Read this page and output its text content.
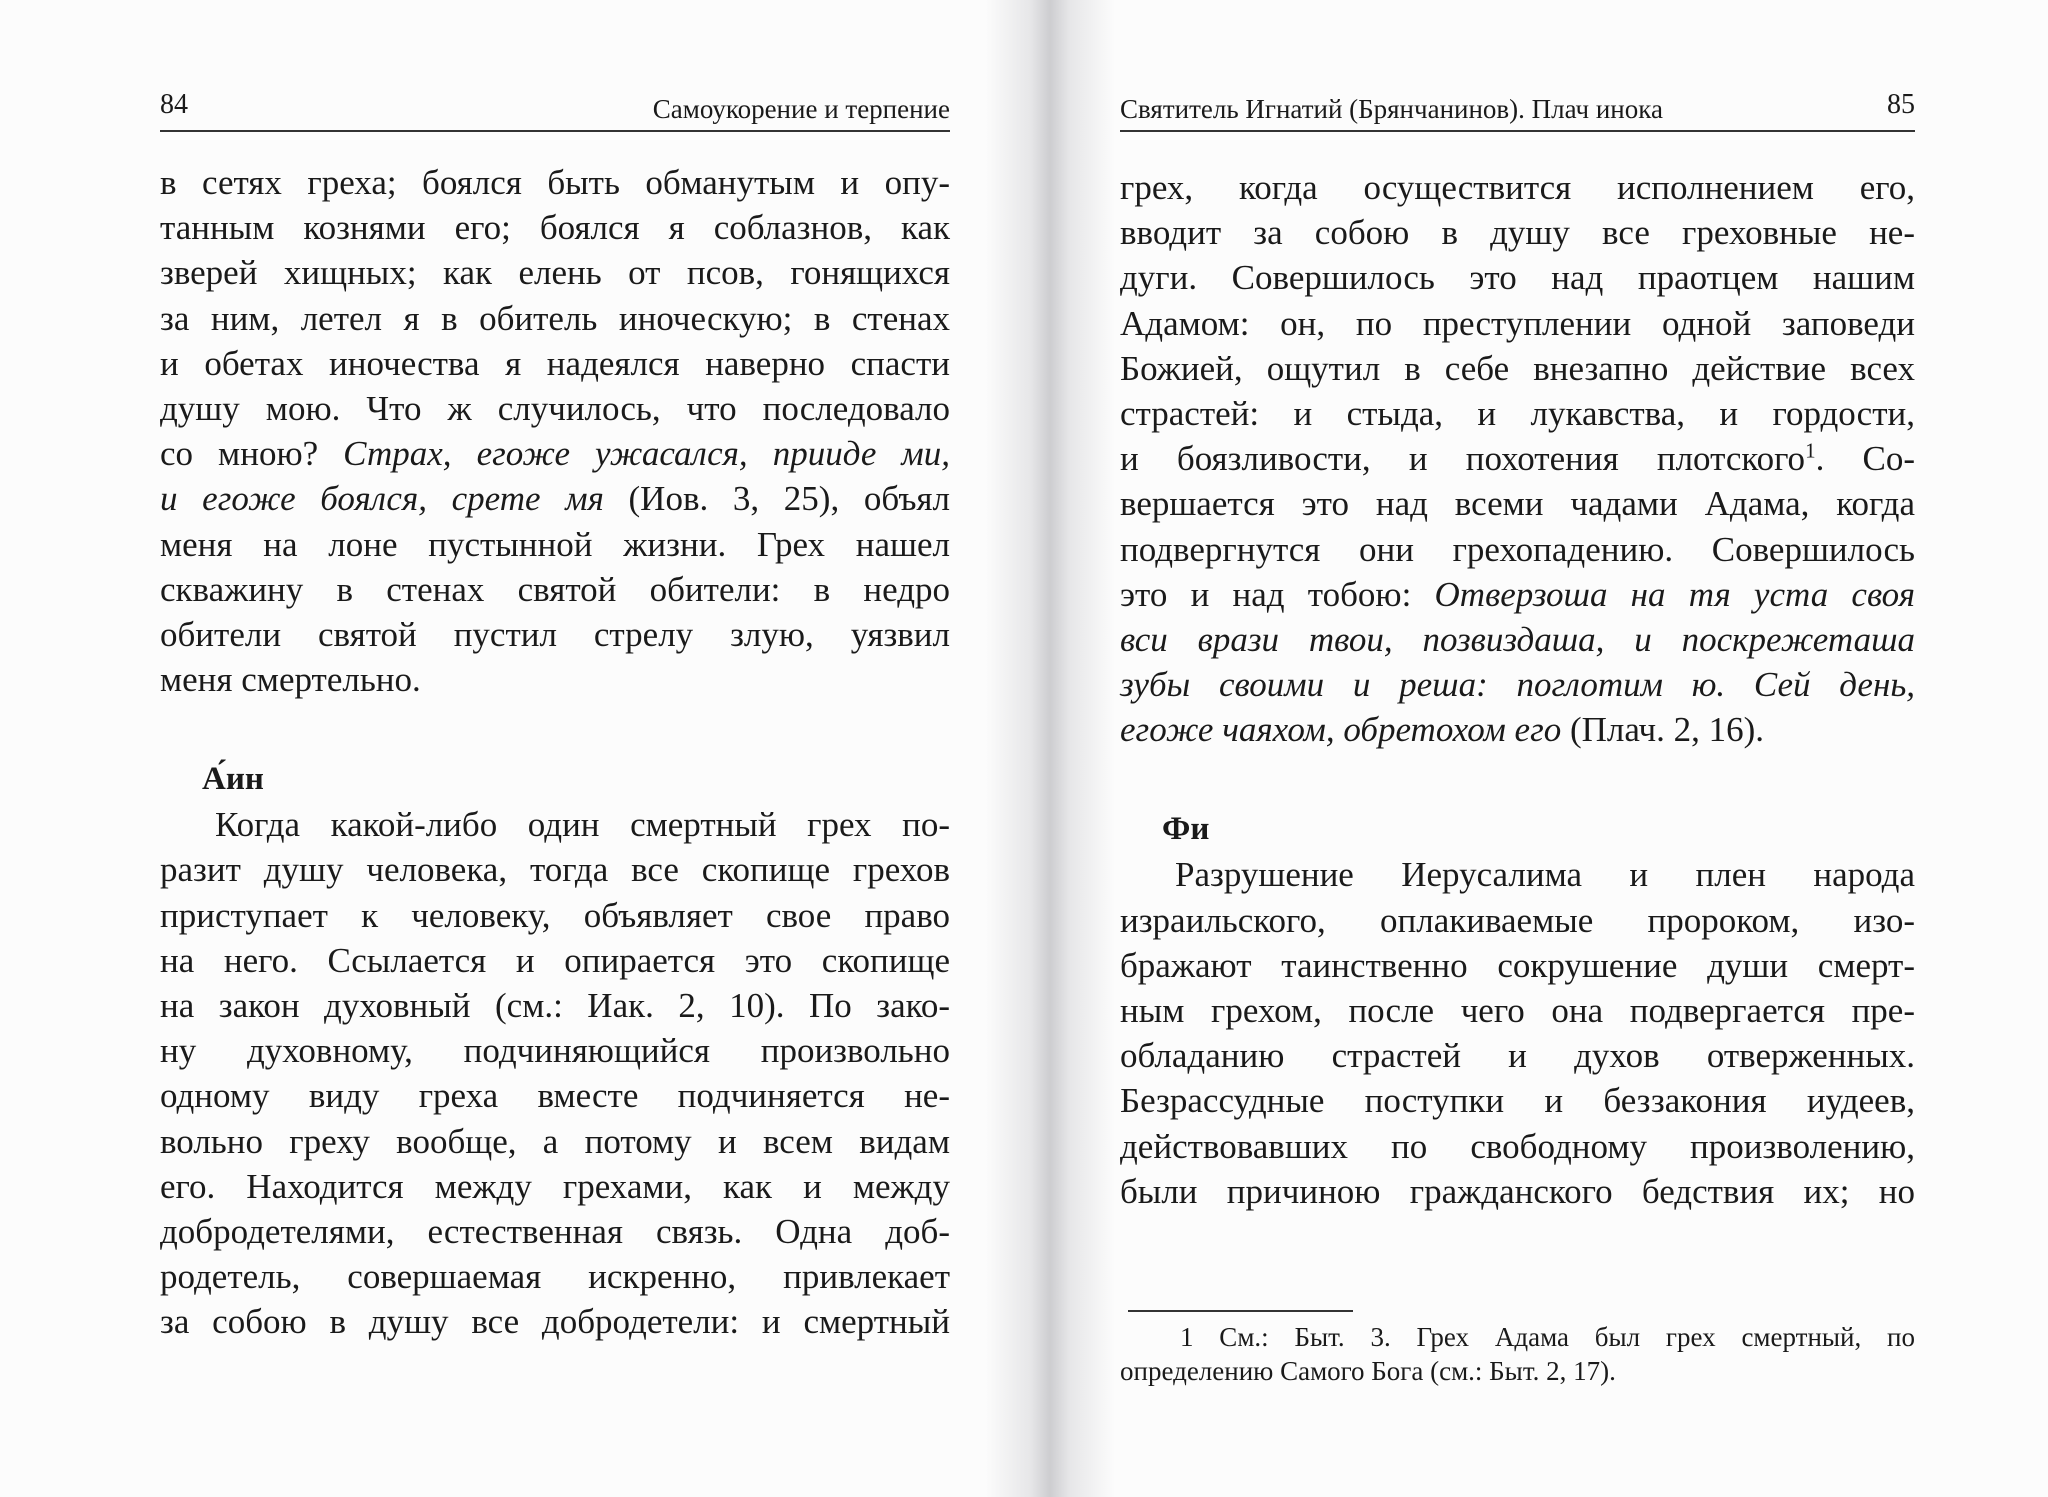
84	Самоукорение и терпение
в сетях греха; боялся быть обманутым и опу-
танным кознями его; боялся я соблазнов, как
зверей хищных; как елень от псов, гонящихся
за ним, летел я в обитель иноческую; в стенах
и обетах иночества я надеялся наверно спасти
душу мою. Что ж случилось, что последовало
со мною? Страх, егоже ужасался, прииде ми,
и егоже боялся, срете мя (Иов. 3, 25), объял
меня на лоне пустынной жизни. Грех нашел
скважину в стенах святой обители: в недро
обители святой пустил стрелу злую, уязвил
меня смертельно.
А́ин
Когда какой-либо один смертный грех по-
разит душу человека, тогда все скопище грехов
приступает к человеку, объявляет свое право
на него. Ссылается и опирается это скопище
на закон духовный (см.: Иак. 2, 10). По зако-
ну духовному, подчиняющийся произвольно
одному виду греха вместе подчиняется не-
вольно греху вообще, а потому и всем видам
его. Находится между грехами, как и между
добродетелями, естественная связь. Одна доб-
родетель, совершаемая искренно, привлекает
за собою в душу все добродетели: и смертный
Святитель Игнатий (Брянчанинов). Плач инока	85
грех, когда осуществится исполнением его,
вводит за собою в душу все греховные не-
дуги. Совершилось это над праотцем нашим
Адамом: он, по преступлении одной заповеди
Божией, ощутил в себе внезапно действие всех
страстей: и стыда, и лукавства, и гордости,
и боязливости, и похотения плотского$^1$. Со-
вершается это над всеми чадами Адама, когда
подвергнутся они грехопадению. Совершилось
это и над тобою: Отверзоша на тя уста своя
вси врази твои, позвиздаша, и поскрежеташа
зубы своими и реша: поглотим ю. Сей день,
егоже чаяхом, обретохом его (Плач. 2, 16).
Фи
Разрушение Иерусалима и плен народа
израильского, оплакиваемые пророком, изо-
бражают таинственно сокрушение души смерт-
ным грехом, после чего она подвергается пре-
обладанию страстей и духов отверженных.
Безрассудные поступки и беззакония иудеев,
действовавших по свободному произволению,
были причиною гражданского бедствия их; но
1 См.: Быт. 3. Грех Адама был грех смертный, по
определению Самого Бога (см.: Быт. 2, 17).
